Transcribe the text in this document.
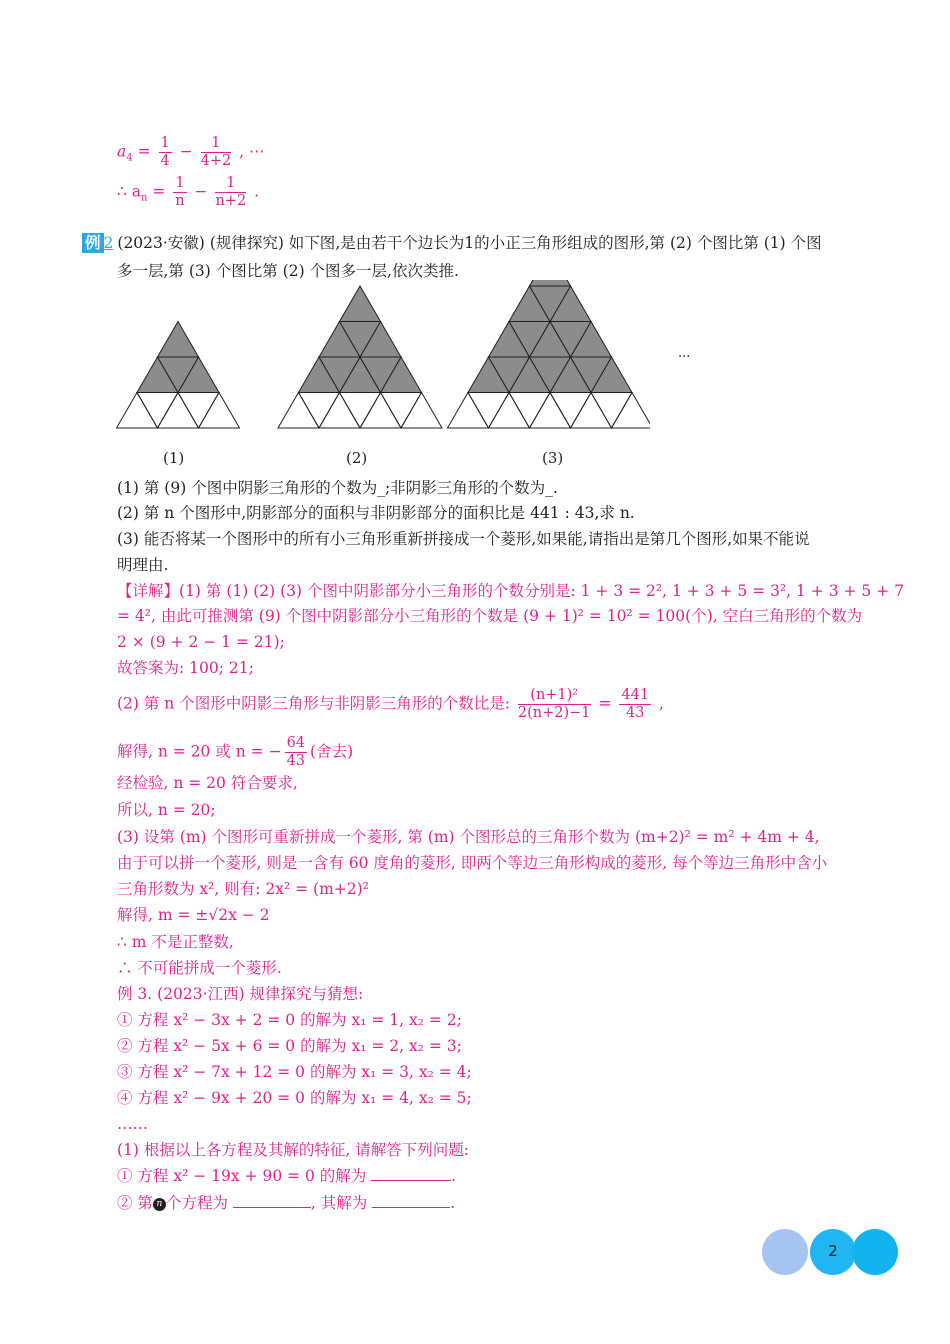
$a_4 = \frac{1}{4} - \frac{1}{4+2}$ , ⋯
∴ $a_n = \frac{1}{n} - \frac{1}{n+2}$ .
例 2 (2023·安徽) (规律探究) 如下图,是由若干个边长为1的小正三角形组成的图形,第 (2) 个图比第 (1) 个图
多一层,第 (3) 个图比第 (2) 个图多一层,依次类推.
...
(1)	(2)	(3)
(1) 第 (9) 个图中阴影三角形的个数为_;非阴影三角形的个数为_.
(2) 第 n 个图形中,阴影部分的面积与非阴影部分的面积比是 441 : 43,求 n.
(3) 能否将某一个图形中的所有小三角形重新拼接成一个菱形,如果能,请指出是第几个图形,如果不能说
明理由.
【详解】(1) 第 (1) (2) (3) 个图中阴影部分小三角形的个数分别是: 1 + 3 = 2², 1 + 3 + 5 = 3², 1 + 3 + 5 + 7
= 4², 由此可推测第 (9) 个图中阴影部分小三角形的个数是 (9 + 1)² = 10² = 100(个), 空白三角形的个数为
2 × (9 + 2 − 1 = 21);
故答案为: 100; 21;
(2) 第 n 个图形中阴影三角形与非阴影三角形的个数比是: $\frac{\text{(n+1)²}}{2(n+2)-1} = \frac{441}{43}$ ,
解得, n = 20 或 n = − $\frac{64}{43}$ (舍去)
经检验, n = 20 符合要求,
所以, n = 20;
(3) 设第 (m) 个图形可重新拼成一个菱形, 第 (m) 个图形总的三角形个数为 (m+2)² = m² + 4m + 4,
由于可以拼一个菱形, 则是一含有 60 度角的菱形, 即两个等边三角形构成的菱形, 每个等边三角形中含小
三角形数为 x², 则有: 2x² = (m+2)²
解得, m = ±√2x − 2
∴ m 不是正整数,
∴ 不可能拼成一个菱形.
例 3. (2023·江西) 规律探究与猜想:
① 方程 x² − 3x + 2 = 0 的解为 x₁ = 1, x₂ = 2;
② 方程 x² − 5x + 6 = 0 的解为 x₁ = 2, x₂ = 3;
③ 方程 x² − 7x + 12 = 0 的解为 x₁ = 3, x₂ = 4;
④ 方程 x² − 9x + 20 = 0 的解为 x₁ = 4, x₂ = 5;
……
(1) 根据以上各方程及其解的特征, 请解答下列问题:
① 方程 x² − 19x + 90 = 0 的解为	.
② 第 n 个方程为	, 其解为	.
2
